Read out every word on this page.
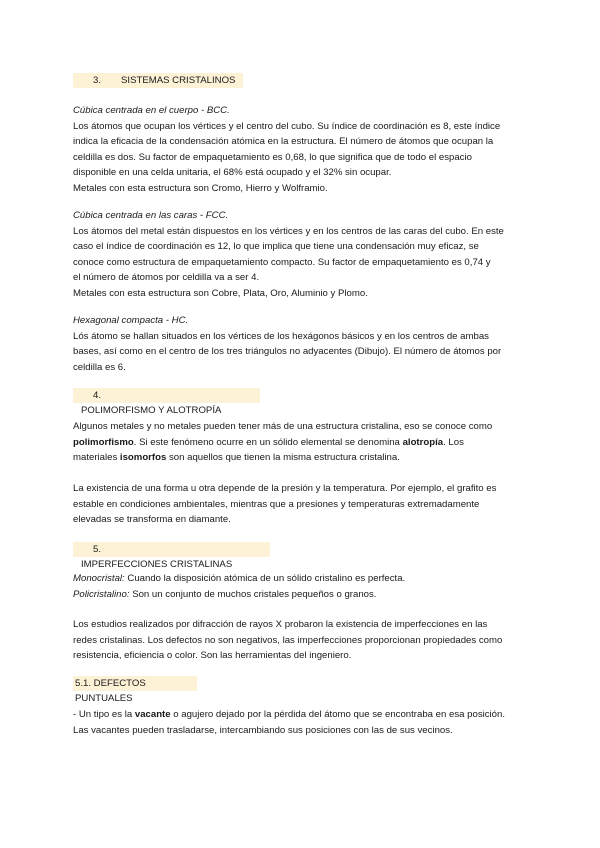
3. SISTEMAS CRISTALINOS
Cúbica centrada en el cuerpo - BCC.
Los átomos que ocupan los vértices y el centro del cubo. Su índice de coordinación es 8, este índice
indica la eficacia de la condensación atómica en la estructura. El número de átomos que ocupan la
celdilla es dos. Su factor de empaquetamiento es 0,68, lo que significa que de todo el espacio
disponible en una celda unitaria, el 68% está ocupado y el 32% sin ocupar.
Metales con esta estructura son Cromo, Hierro y Wolframio.
Cúbica centrada en las caras - FCC.
Los átomos del metal están dispuestos en los vértices y en los centros de las caras del cubo. En este
caso el índice de coordinación es 12, lo que implica que tiene una condensación muy eficaz, se
conoce como estructura de empaquetamiento compacto. Su factor de empaquetamiento es 0,74 y
el número de átomos por celdilla va a ser 4.
Metales con esta estructura son Cobre, Plata, Oro, Aluminio y Plomo.
Hexagonal compacta - HC.
Lós átomo se hallan situados en los vértices de los hexágonos básicos y en los centros de ambas
bases, así como en el centro de los tres triángulos no adyacentes (Dibujo). El número de átomos por
celdilla es 6.
4.POLIMORFISMO Y ALOTROPÍA
Algunos metales y no metales pueden tener más de una estructura cristalina, eso se conoce como
polimorfismo. Si este fenómeno ocurre en un sólido elemental se denomina alotropía. Los
materiales isomorfos son aquellos que tienen la misma estructura cristalina.
La existencia de una forma u otra depende de la presión y la temperatura. Por ejemplo, el grafito es
estable en condiciones ambientales, mientras que a presiones y temperaturas extremadamente
elevadas se transforma en diamante.
5.IMPERFECCIONES CRISTALINAS
Monocristal: Cuando la disposición atómica de un sólido cristalino es perfecta.
Policristalino: Son un conjunto de muchos cristales pequeños o granos.
Los estudios realizados por difracción de rayos X probaron la existencia de imperfecciones en las
redes cristalinas. Los defectos no son negativos, las imperfecciones proporcionan propiedades como
resistencia, eficiencia o color. Son las herramientas del ingeniero.
5.1. DEFECTOS PUNTUALES
- Un tipo es la vacante o agujero dejado por la pérdida del átomo que se encontraba en esa posición.
Las vacantes pueden trasladarse, intercambiando sus posiciones con las de sus vecinos.
